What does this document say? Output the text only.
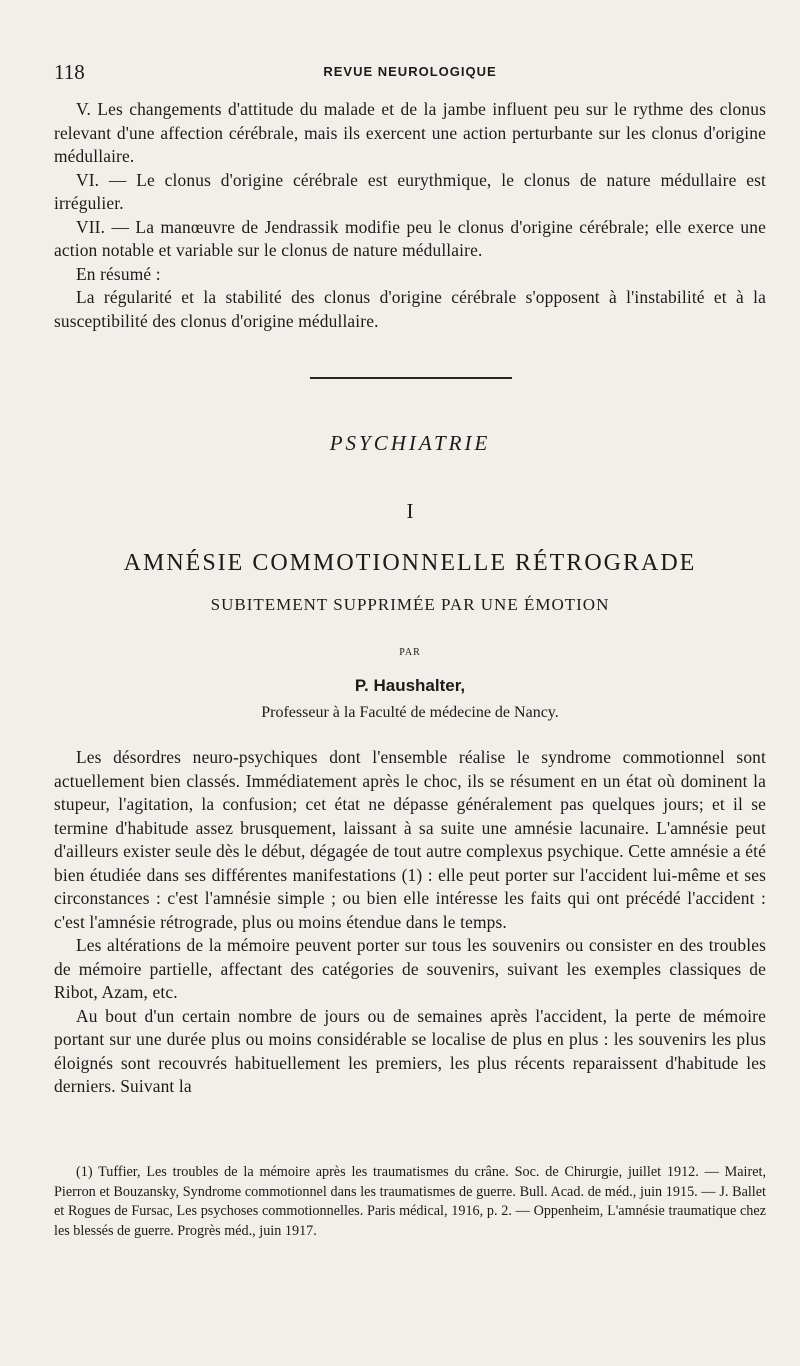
118	REVUE NEUROLOGIQUE

V. Les changements d'attitude du malade et de la jambe influent peu sur le rythme des clonus relevant d'une affection cérébrale, mais ils exercent une action perturbante sur les clonus d'origine médullaire.

VI. — Le clonus d'origine cérébrale est eurythmique, le clonus de nature médullaire est irrégulier.

VII. — La manœuvre de Jendrassik modifie peu le clonus d'origine cérébrale; elle exerce une action notable et variable sur le clonus de nature médullaire.

En résumé :

La régularité et la stabilité des clonus d'origine cérébrale s'opposent à l'instabilité et à la susceptibilité des clonus d'origine médullaire.

PSYCHIATRIE
I
AMNÉSIE COMMOTIONNELLE RÉTROGRADE
SUBITEMENT SUPPRIMÉE PAR UNE ÉMOTION
PAR
P. Haushalter,
Professeur à la Faculté de médecine de Nancy.

Les désordres neuro-psychiques dont l'ensemble réalise le syndrome commotionnel sont actuellement bien classés. Immédiatement après le choc, ils se résument en un état où dominent la stupeur, l'agitation, la confusion; cet état ne dépasse généralement pas quelques jours; et il se termine d'habitude assez brusquement, laissant à sa suite une amnésie lacunaire. L'amnésie peut d'ailleurs exister seule dès le début, dégagée de tout autre complexus psychique. Cette amnésie a été bien étudiée dans ses différentes manifestations (1) : elle peut porter sur l'accident lui-même et ses circonstances : c'est l'amnésie simple ; ou bien elle intéresse les faits qui ont précédé l'accident : c'est l'amnésie rétrograde, plus ou moins étendue dans le temps.

Les altérations de la mémoire peuvent porter sur tous les souvenirs ou consister en des troubles de mémoire partielle, affectant des catégories de souvenirs, suivant les exemples classiques de Ribot, Azam, etc.

Au bout d'un certain nombre de jours ou de semaines après l'accident, la perte de mémoire portant sur une durée plus ou moins considérable se localise de plus en plus : les souvenirs les plus éloignés sont recouvrés habituellement les premiers, les plus récents reparaissent d'habitude les derniers. Suivant la

(1) Tuffier, Les troubles de la mémoire après les traumatismes du crâne. Soc. de Chirurgie, juillet 1912. — Mairet, Pierron et Bouzansky, Syndrome commotionnel dans les traumatismes de guerre. Bull. Acad. de méd., juin 1915. — J. Ballet et Rogues de Fursac, Les psychoses commotionnelles. Paris médical, 1916, p. 2. — Oppenheim, L'amnésie traumatique chez les blessés de guerre. Progrès méd., juin 1917.
